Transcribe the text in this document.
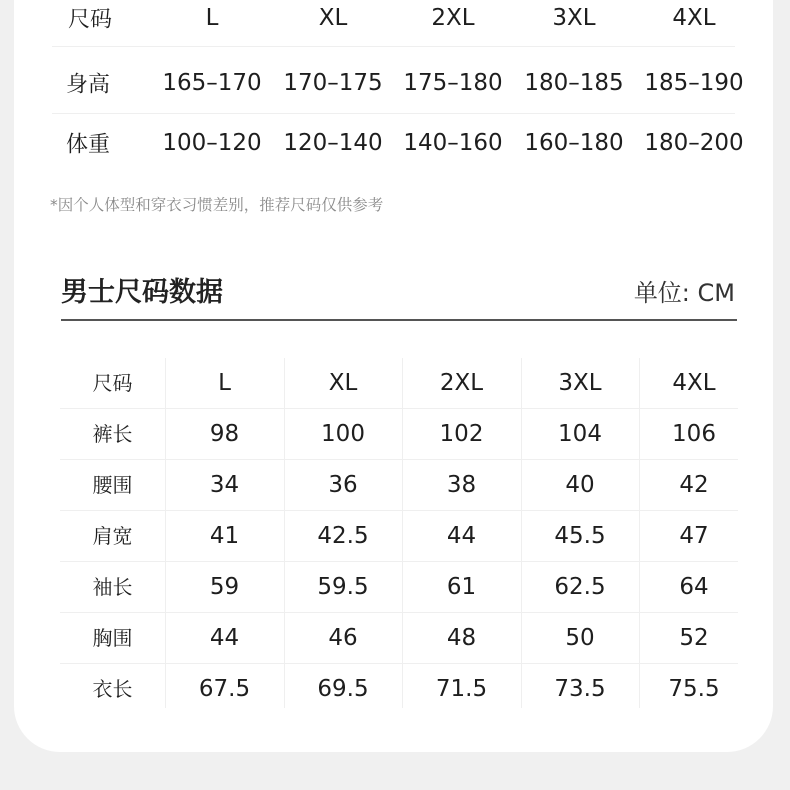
尺码	L	XL	2XL	3XL	4XL
身高 165–170 170–175 175–180 180–185 185–190
体重 100–120 120–140 140–160 160–180 180–200
*因个人体型和穿衣习惯差别，推荐尺码仅供参考
男士尺码数据	单位: CM
尺码	L	XL	2XL	3XL	4XL
裤长	98	100	102	104	106
腰围	34	36	38	40	42
肩宽	41	42.5	44	45.5	47
袖长	59	59.5	61	62.5	64
胸围	44	46	48	50	52
衣长	67.5	69.5	71.5	73.5	75.5
